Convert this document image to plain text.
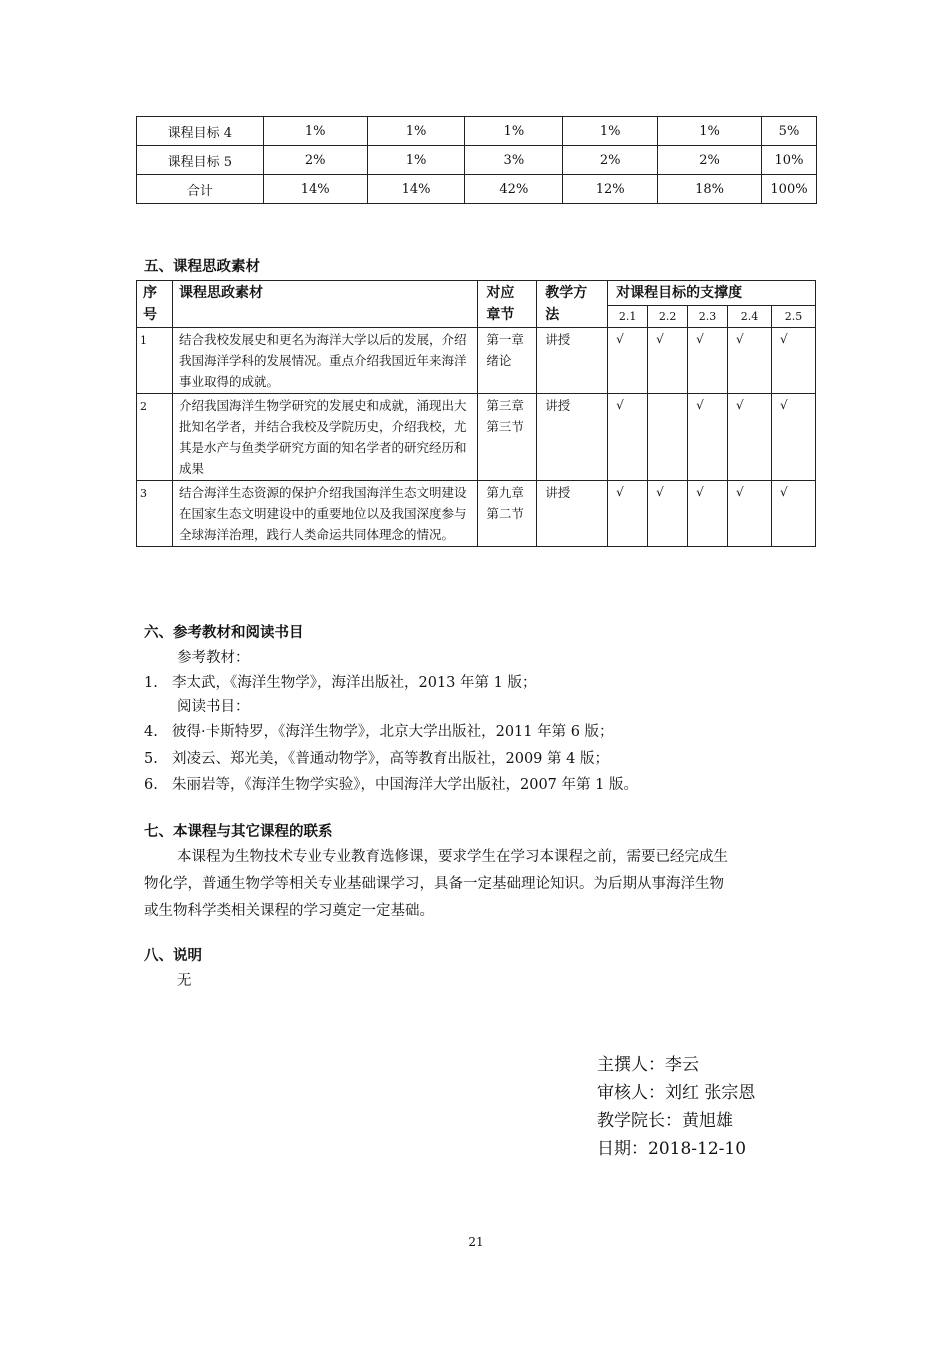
课程目标 4	1%	1%	1%	1%	1%	5%
课程目标 5	2%	1%	3%	2%	2%	10%
合计	14%	14%	42%	12%	18%	100%
五、课程思政素材
序号	课程思政素材	对应章节	教学方法	对课程目标的支撑度				
				2.1	2.2	2.3	2.4	2.5
1	结合我校发展史和更名为海洋大学以后的发展，介绍我国海洋学科的发展情况。重点介绍我国近年来海洋事业取得的成就。	第一章绪论	讲授	√	√	√	√	√
2	介绍我国海洋生物学研究的发展史和成就，涌现出大批知名学者，并结合我校及学院历史，介绍我校，尤其是水产与鱼类学研究方面的知名学者的研究经历和成果	第三章第三节	讲授	√		√	√	√
3	结合海洋生态资源的保护介绍我国海洋生态文明建设在国家生态文明建设中的重要地位以及我国深度参与全球海洋治理，践行人类命运共同体理念的情况。	第九章第二节	讲授	√	√	√	√	√
六、参考教材和阅读书目
参考教材：
1. 李太武，《海洋生物学》，海洋出版社，2013 年第 1 版；
阅读书目：
4. 彼得·卡斯特罗，《海洋生物学》，北京大学出版社，2011 年第 6 版；
5. 刘凌云、郑光美，《普通动物学》，高等教育出版社，2009 第 4 版；
6. 朱丽岩等，《海洋生物学实验》，中国海洋大学出版社，2007 年第 1 版。
七、本课程与其它课程的联系
本课程为生物技术专业专业教育选修课，要求学生在学习本课程之前，需要已经完成生
物化学，普通生物学等相关专业基础课学习，具备一定基础理论知识。为后期从事海洋生物
或生物科学类相关课程的学习奠定一定基础。
八、说明
无
主撰人：李云
审核人：刘红 张宗恩
教学院长：黄旭雄
日期：2018-12-10
21
